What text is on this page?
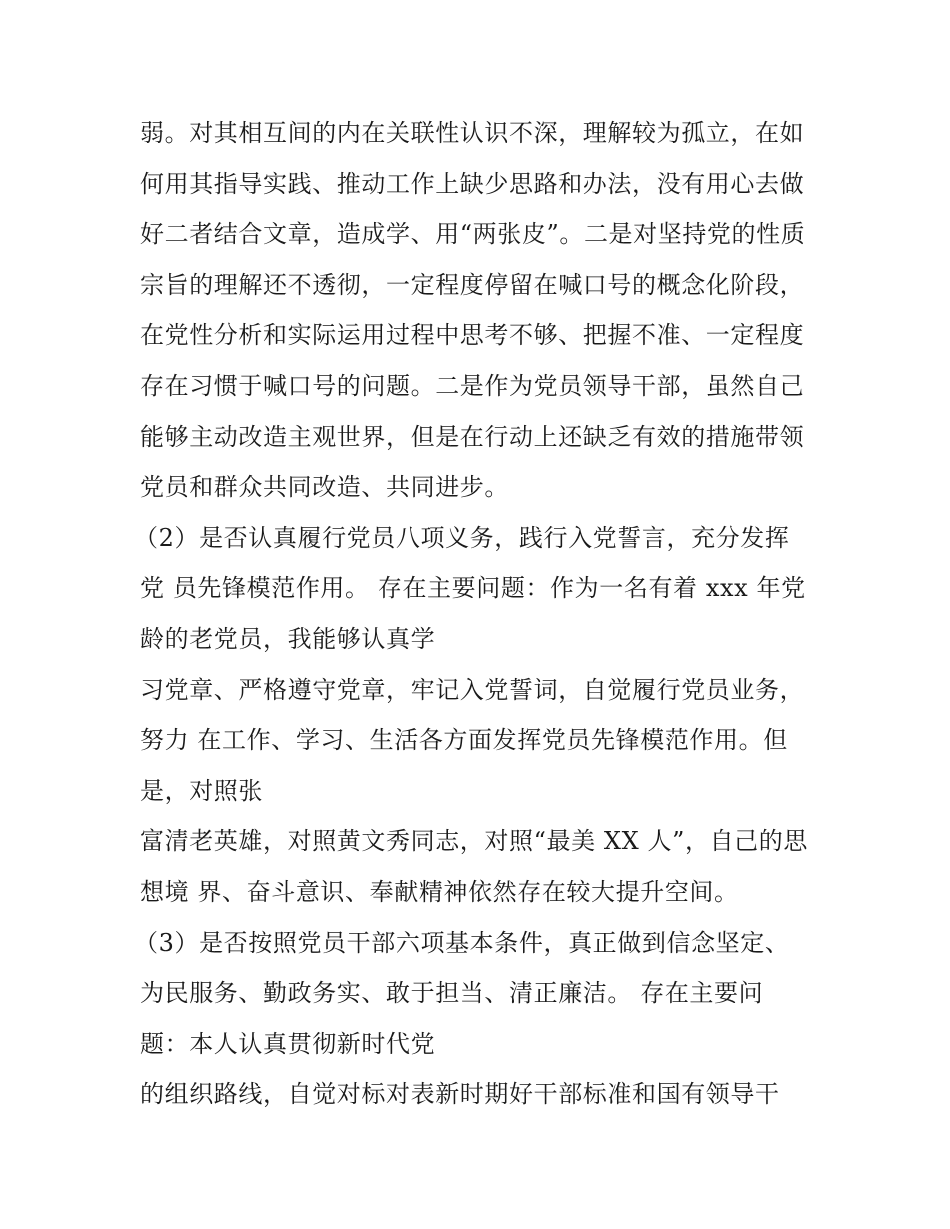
弱。对其相互间的内在关联性认识不深，理解较为孤立，在如
何用其指导实践、推动工作上缺少思路和办法，没有用心去做
好二者结合文章，造成学、用“两张皮”。二是对坚持党的性质
宗旨的理解还不透彻，一定程度停留在喊口号的概念化阶段，
在党性分析和实际运用过程中思考不够、把握不准、一定程度
存在习惯于喊口号的问题。二是作为党员领导干部，虽然自己
能够主动改造主观世界，但是在行动上还缺乏有效的措施带领
党员和群众共同改造、共同进步。
（2）是否认真履行党员八项义务，践行入党誓言，充分发挥
党 员先锋模范作用。 存在主要问题：作为一名有着 xxx 年党
龄的老党员，我能够认真学
习党章、严格遵守党章，牢记入党誓词，自觉履行党员业务，
努力 在工作、学习、生活各方面发挥党员先锋模范作用。但
是，对照张
富清老英雄，对照黄文秀同志，对照“最美 XX 人”，自己的思
想境 界、奋斗意识、奉献精神依然存在较大提升空间。
（3）是否按照党员干部六项基本条件，真正做到信念坚定、
为民服务、勤政务实、敢于担当、清正廉洁。 存在主要问
题：本人认真贯彻新时代党
的组织路线，自觉对标对表新时期好干部标准和国有领导干
